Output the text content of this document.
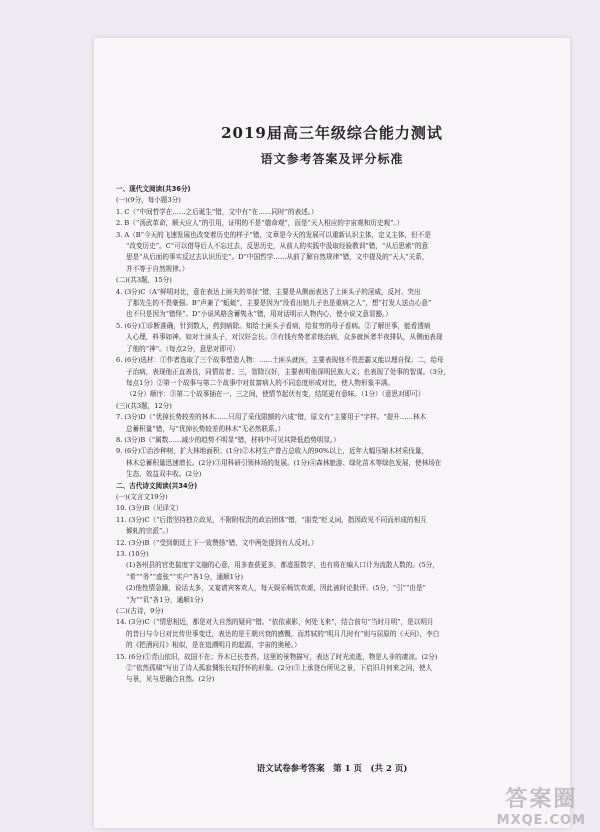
2019届高三年级综合能力测试
语文参考答案及评分标准
一、现代文阅读(共36分)
(一)(9分，每小题3分)
1. C（“中间哲学在……之后诞生”错，文中有“在……同时”的表述。）
2. B（“汤武革命，顺天应人”的引用，证明的不是“德命观”，而是“天人相应的宇宙观和历史观”。）
3. A（B“今天的飞速发展也改变着历史的样子”错，文章是今天的发展可以重新认识主体，定义主体，但不是
“改变历史”。C“可以借导后人不忘过去，反思历史，从前人的实践中汲取经验教训”错，“从后思索”的意
思是“从后面的事实反过去认识历史”。D“中国哲学……从前了解自然规律”错，文中提及的“天人”关系，
并不等于自然规律。）
(二)(共3题，15分)
4. (3分)C（A“鲜明对比，意在表达上匪夫的单扯”错，主要是从侧面表达了上匪头子的淫威，反衬、突出
了那先生的不畏豪强。B“声兼了“蚯蜓”，主要是因为“没看出她儿子也是重病之人”，想“打发人送点心意”
也不只是因为“错怪”。D“小说风格含蓄隽永”错，用对话明示人物内心，使小说文意显豁。）
5. (6分)①诊断准确，针到数人，药到病除。知给土匪头子看病，给贫穷的母子看病。②了解世事，能看透病
人心理，料事如神。如对土匪头子，对汉奸会长。③有钱有势者求他治病，众多就医者半夜排队，从侧面表现
了他的“神”。（每点2分，意思对即可）
6. (6分)选材：①作者选取了三个故事塑造人物：……土匪头就医，主要表现他不畏恶霸又能以理自保；二，给母
子治病，表现他正直善良，同情贫者；三，智除汉奸，主要表明他深明民族大义；也表现了处事的智谋。（3分，
每点1分）②第一个故事与第二个故事中对贫富病人的不同态度形成对比，使人物形象丰满。
（2分）顺序：③第二个故事插在一、三之间，使情节起伏有变，结尾更有意味。（1分）（意思对即可）
(三)(共3题，12分)
7. (3分)D（“优掉长势较差的林木……只用了采伐限额的六成”错，原文有“主要用于”字样。“提升……林木
总蓄积量”错，与“优掉长势较差的林木”无必然联系。）
8. (3分)B（“属数……减少的趋势不明显”错，材料中可见其降低趋势明显。）
9. (6分)①治沙种树，扩大林地面积；(1分)②木材生产曾占总收入的90%以上，近年大幅压缩木材采伐量，
林木总蓄积量迅速增长。(2分)③用科研引领林场的发展。(1分)④森林旅游、绿化苗木等绿色发展，使林场在
生态、效益双丰收。(2分)
二、古代诗文阅读(共34分)
(一)(文言文19分)
10. (3分)B（见译文）
11. (3分)C（“后指坚持独立政见，不附附权贵的政治团体”错，“朋党”贬义词，指因政见不同而形成的相互
倾轧的宗派”。）
12. (3分)B（“受到朝廷上下一致赞扬”错，文中两处提到有人反对。）
13. (10分)
(1)各州县的官吏揣度宇文融的心意，用多查获更多，都虚报数字，也有将在编人口计为流散人数的。(5分，
“希”“务”“虚张”“实户”各1分，通顺1分)
(2)他性情急躁，说话太多，又宴请宾客欢人，每天娱乐畅饮欢谑，因此被时论批评。(5分，“引”“由是”
“为”“讥”各1分，通顺1分)
(二)(古诗，9分)
14. (3分)C（“情思相近，都是对大自然的疑问”错。“依依素影，何处飞来”，结合前句“当时月明”，是以明月
的昔日与今日对比传世事变迁，表达的是王朝兴衰的感慨，而苏轼的“明月几时有”则与屈原的《天问》，李白
的《把酒问月》相似，是在追溯明月的起源，宇宙的奥秘。）
15. (6分)①青山依旧，故国不在；乔木已长苍苔。这里的景物描写，表达了时光流逝，物是人非的凄凉。(2分)
②“依然孤啸”写出了诗人孤寂惆怅长叹抒怀的形象。(2分)③上承登台所见之景，下启旧月何来之问，使人
与景，见与思融合自然。(2分)
语文试卷参考答案　第 1 页　(共 2 页)
答案圈
MXQE.COM
